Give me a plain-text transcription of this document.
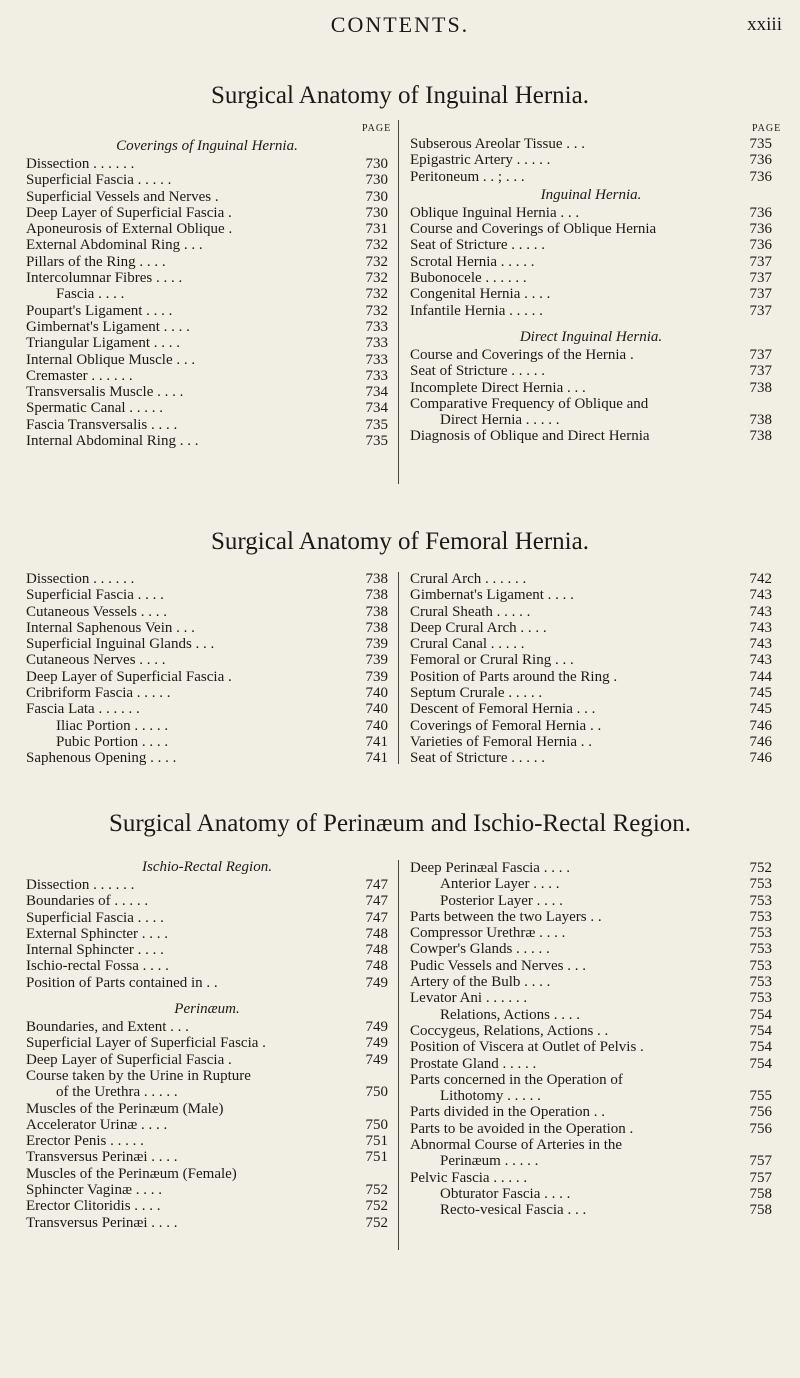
CONTENTS.	xxiii
Surgical Anatomy of Inguinal Hernia.
PAGE	PAGE
Coverings of Inguinal Hernia.
Dissection . . . . . .	730
Superficial Fascia . . . . .	730
Superficial Vessels and Nerves .	730
Deep Layer of Superficial Fascia .	730
Aponeurosis of External Oblique .	731
External Abdominal Ring . . .	732
Pillars of the Ring . . . .	732
Intercolumnar Fibres . . . .	732
Fascia . . . .	732
Poupart's Ligament . . . .	732
Gimbernat's Ligament . . . .	733
Triangular Ligament . . . .	733
Internal Oblique Muscle . . .	733
Cremaster . . . . . .	733
Transversalis Muscle . . . .	734
Spermatic Canal . . . . .	734
Fascia Transversalis . . . .	735
Internal Abdominal Ring . . .	735
Subserous Areolar Tissue . . .	735
Epigastric Artery . . . . .	736
Peritoneum . . ; . . .	736
Inguinal Hernia.
Oblique Inguinal Hernia . . .	736
Course and Coverings of Oblique Hernia	736
Seat of Stricture . . . . .	736
Scrotal Hernia . . . . .	737
Bubonocele . . . . . .	737
Congenital Hernia . . . .	737
Infantile Hernia . . . . .	737
Direct Inguinal Hernia.
Course and Coverings of the Hernia .	737
Seat of Stricture . . . . .	737
Incomplete Direct Hernia . . .	738
Comparative Frequency of Oblique and
Direct Hernia . . . . .	738
Diagnosis of Oblique and Direct Hernia	738
Surgical Anatomy of Femoral Hernia.
Dissection . . . . . .	738
Superficial Fascia . . . .	738
Cutaneous Vessels . . . .	738
Internal Saphenous Vein . . .	738
Superficial Inguinal Glands . . .	739
Cutaneous Nerves . . . .	739
Deep Layer of Superficial Fascia .	739
Cribriform Fascia . . . . .	740
Fascia Lata . . . . . .	740
Iliac Portion . . . . .	740
Pubic Portion . . . .	741
Saphenous Opening . . . .	741
Crural Arch . . . . . .	742
Gimbernat's Ligament . . . .	743
Crural Sheath . . . . .	743
Deep Crural Arch . . . .	743
Crural Canal . . . . .	743
Femoral or Crural Ring . . .	743
Position of Parts around the Ring .	744
Septum Crurale . . . . .	745
Descent of Femoral Hernia . . .	745
Coverings of Femoral Hernia . .	746
Varieties of Femoral Hernia . .	746
Seat of Stricture . . . . .	746
Surgical Anatomy of Perinæum and Ischio-Rectal Region.
Ischio-Rectal Region.
Dissection . . . . . .	747
Boundaries of . . . . .	747
Superficial Fascia . . . .	747
External Sphincter . . . .	748
Internal Sphincter . . . .	748
Ischio-rectal Fossa . . . .	748
Position of Parts contained in . .	749
Perinæum.
Boundaries, and Extent . . .	749
Superficial Layer of Superficial Fascia .	749
Deep Layer of Superficial Fascia .	749
Course taken by the Urine in Rupture
of the Urethra . . . . .	750
Muscles of the Perinæum (Male)
Accelerator Urinæ . . . .	750
Erector Penis . . . . .	751
Transversus Perinæi . . . .	751
Muscles of the Perinæum (Female)
Sphincter Vaginæ . . . .	752
Erector Clitoridis . . . .	752
Transversus Perinæi . . . .	752
Deep Perinæal Fascia . . . .	752
Anterior Layer . . . .	753
Posterior Layer . . . .	753
Parts between the two Layers . .	753
Compressor Urethræ . . . .	753
Cowper's Glands . . . . .	753
Pudic Vessels and Nerves . . .	753
Artery of the Bulb . . . .	753
Levator Ani . . . . . .	753
Relations, Actions . . . .	754
Coccygeus, Relations, Actions . .	754
Position of Viscera at Outlet of Pelvis .	754
Prostate Gland . . . . .	754
Parts concerned in the Operation of
Lithotomy . . . . .	755
Parts divided in the Operation . .	756
Parts to be avoided in the Operation .	756
Abnormal Course of Arteries in the
Perinæum . . . . .	757
Pelvic Fascia . . . . .	757
Obturator Fascia . . . .	758
Recto-vesical Fascia . . .	758
